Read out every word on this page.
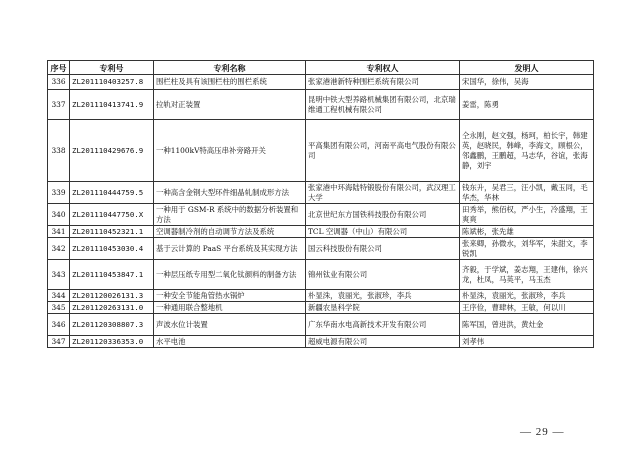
序号	专利号	专利名称	专利权人	发明人
336	ZL201110403257.8	围栏柱及具有该围栏柱的围栏系统	张家港港新特种围栏系统有限公司	宋国华，徐伟，吴海
337	ZL201110413741.9	拉轨对正装置	昆明中铁大型养路机械集团有限公司，北京瑞维通工程机械有限公司	姜雷，陈勇
338	ZL201110429676.9	一种1100kV特高压串补旁路开关	平高集团有限公司，河南平高电气股份有限公司	仝永刚，赵文强，杨珂，柏长宇，韩建英，赵晓民，韩峰，李海文，顾根公，邻鑫鹏，王鹏超，马志华，谷谊，张海静，刘宇
339	ZL201110444759.5	一种高含金钢大型环件细晶轧制成形方法	张家港中环海陆特锻股份有限公司，武汉理工大学	钱东升，吴君三，汪小凯，戴玉同，毛华杰，华林
340	ZL201110447750.X	一种用于 GSM-R 系统中的数据分析装置和方法	北京世纪东方国铁科技股份有限公司	田秀举，熊佰权，严小生，冷盛翔，王爽爽
341	ZL201110452321.1	空调器制冷剂的自动调节方法及系统	TCL 空调器（中山）有限公司	陈斌彬，张先雄
342	ZL201110453030.4	基于云计算的 PaaS 平台系统及其实现方法	国云科技股份有限公司	张来卿，孙微水，刘华军，朱甜文，李锐凯
343	ZL201110453847.1	一种层压纸专用型二氧化钛颜料的制备方法	锦州钛业有限公司	齐毅，于学斌，姜志翔，王建伟，徐兴龙，杜凤，马英平，马玉杰
344	ZL201120026131.3	一种安全节能角管热水锅炉	朴显洙，袁丽光，张淑珍，李兵	朴显洙，袁丽光，张淑珍，李兵
345	ZL201120263131.0	一种通用联合整地机	新疆农垦科学院	王序俭，曹肆林，王敏，何以川
346	ZL201120308807.3	声波水位计装置	广东华南水电高新技术开发有限公司	陈军国，曾进洪，黄灶金
347	ZL201120336353.0	水平电池	超威电源有限公司	刘孝伟
— 29 —
